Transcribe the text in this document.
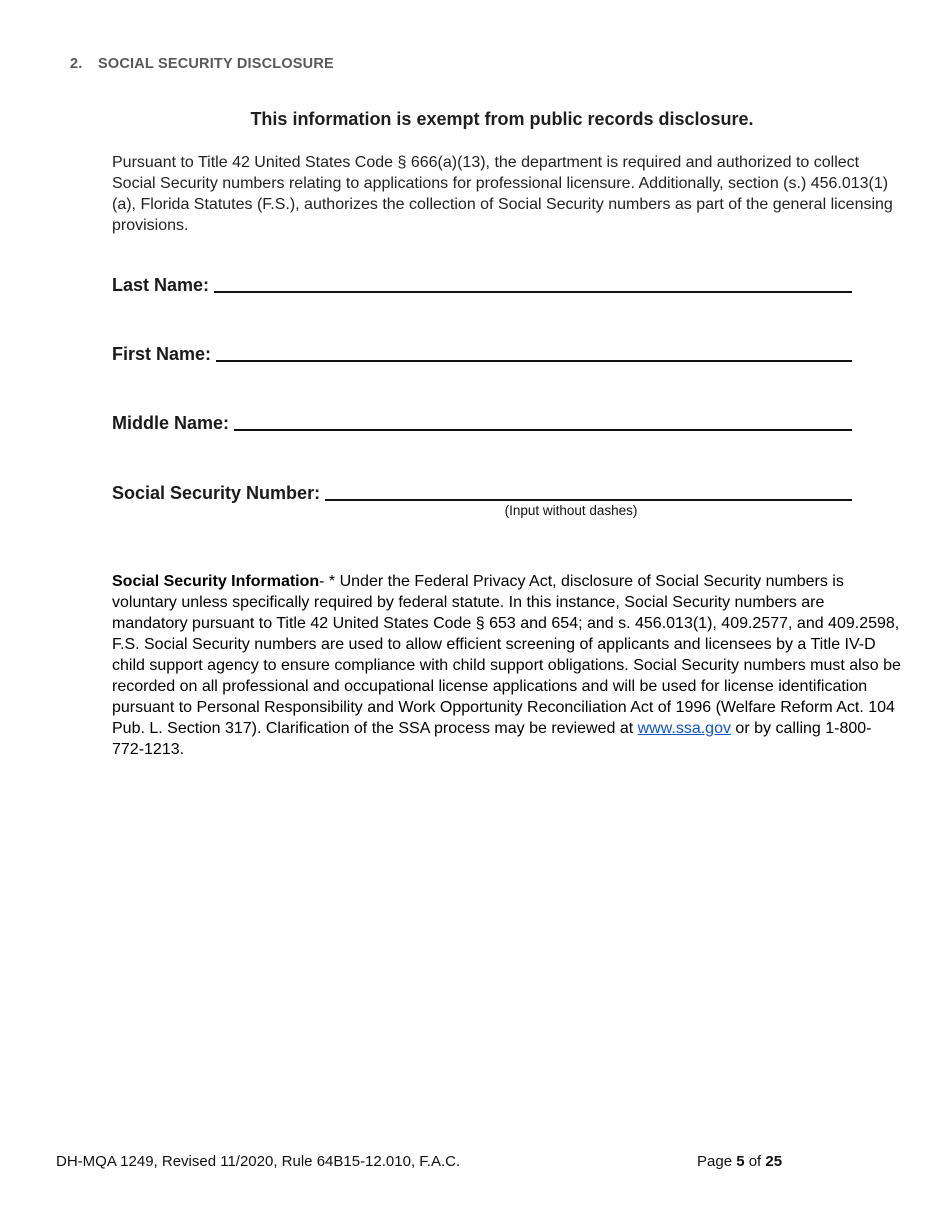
2. SOCIAL SECURITY DISCLOSURE
This information is exempt from public records disclosure.
Pursuant to Title 42 United States Code § 666(a)(13), the department is required and authorized to collect Social Security numbers relating to applications for professional licensure. Additionally, section (s.) 456.013(1)(a), Florida Statutes (F.S.), authorizes the collection of Social Security numbers as part of the general licensing provisions.
Last Name:
First Name:
Middle Name:
Social Security Number:
(Input without dashes)
Social Security Information- * Under the Federal Privacy Act, disclosure of Social Security numbers is voluntary unless specifically required by federal statute. In this instance, Social Security numbers are mandatory pursuant to Title 42 United States Code § 653 and 654; and s. 456.013(1), 409.2577, and 409.2598, F.S. Social Security numbers are used to allow efficient screening of applicants and licensees by a Title IV-D child support agency to ensure compliance with child support obligations. Social Security numbers must also be recorded on all professional and occupational license applications and will be used for license identification pursuant to Personal Responsibility and Work Opportunity Reconciliation Act of 1996 (Welfare Reform Act. 104 Pub. L. Section 317). Clarification of the SSA process may be reviewed at www.ssa.gov or by calling 1-800-772-1213.
DH-MQA 1249, Revised 11/2020, Rule 64B15-12.010, F.A.C.	Page 5 of 25
